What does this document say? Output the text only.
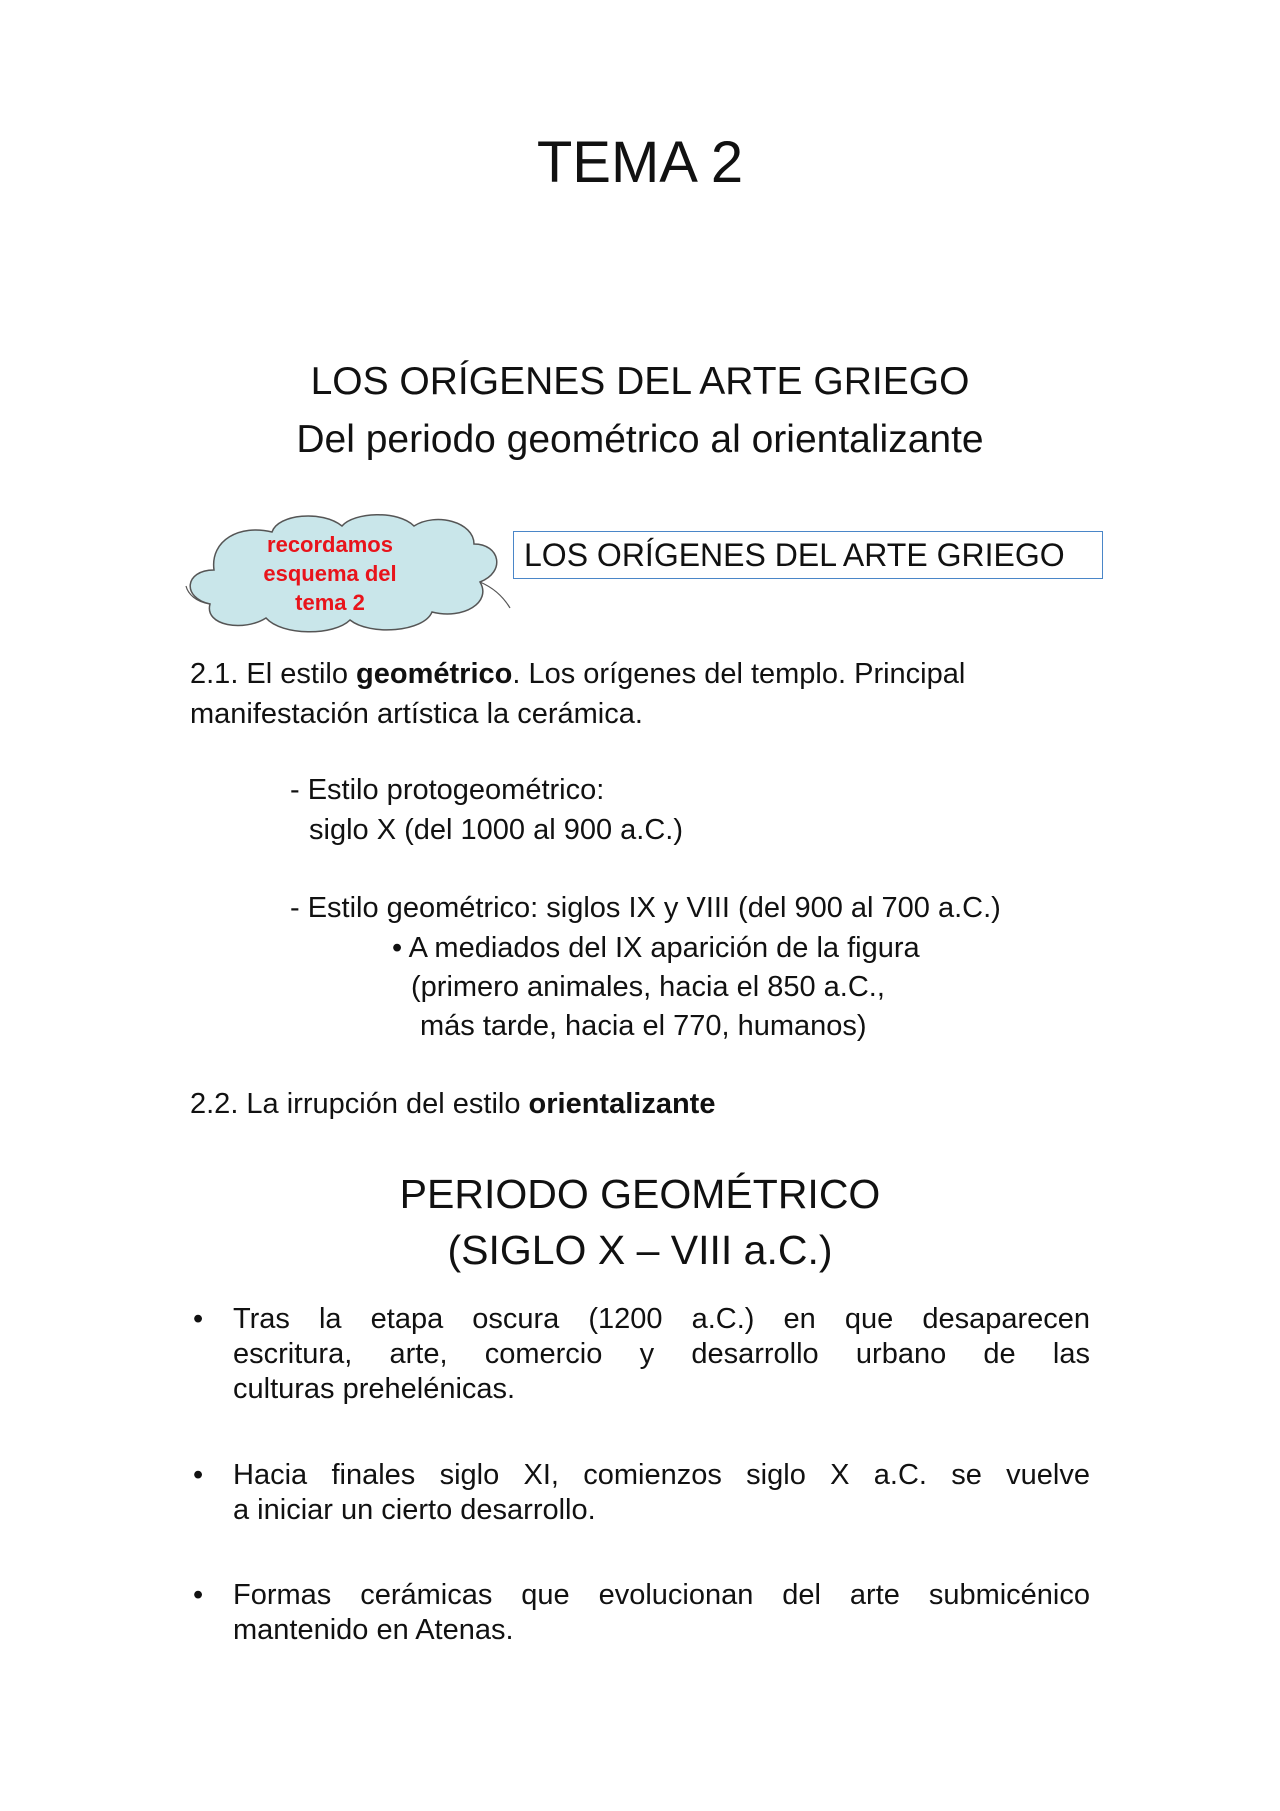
TEMA 2
LOS ORÍGENES DEL ARTE GRIEGO
Del periodo geométrico al orientalizante
recordamos
esquema del
tema 2
LOS ORÍGENES DEL ARTE GRIEGO
2.1. El estilo geométrico. Los orígenes del templo. Principal
manifestación artística la cerámica.
- Estilo protogeométrico:
siglo X (del 1000 al 900 a.C.)
- Estilo geométrico: siglos IX y VIII (del 900 al 700 a.C.)
• A mediados del IX aparición de la figura
(primero animales, hacia el 850 a.C.,
más tarde, hacia el 770, humanos)
2.2. La irrupción del estilo orientalizante
PERIODO GEOMÉTRICO
(SIGLO X – VIII a.C.)
• Tras la etapa oscura (1200 a.C.) en que desaparecen
escritura, arte, comercio y desarrollo urbano de las
culturas prehelénicas.
• Hacia finales siglo XI, comienzos siglo X a.C. se vuelve
a iniciar un cierto desarrollo.
• Formas cerámicas que evolucionan del arte submicénico
mantenido en Atenas.
